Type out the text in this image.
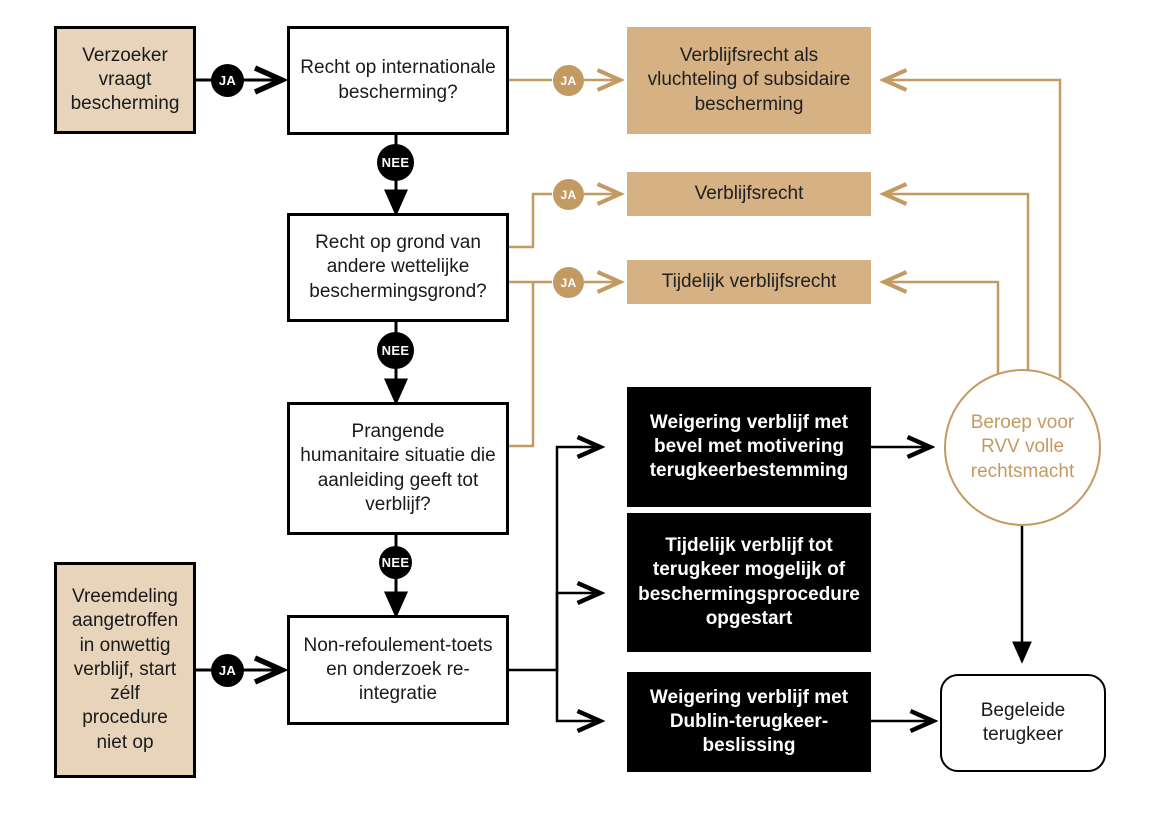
Verzoeker vraagt bescherming
Vreemdeling aangetroffen in onwettig verblijf, start zélf procedure niet op
Recht op internationale bescherming?
Recht op grond van andere wettelijke beschermingsgrond?
Prangende humanitaire situatie die aanleiding geeft tot verblijf?
Non-refoulement-toets en onderzoek re-integratie
Verblijfsrecht als vluchteling of subsidaire bescherming
Verblijfsrecht
Tijdelijk verblijfsrecht
Weigering verblijf met bevel met motivering terugkeerbestemming
Tijdelijk verblijf tot terugkeer mogelijk of beschermingsprocedure opgestart
Weigering verblijf met Dublin-terugkeer-beslissing
Beroep voor RVV volle rechtsmacht
Begeleide terugkeer
JA	JA
NEE
JA
JA
NEE
NEE
JA
